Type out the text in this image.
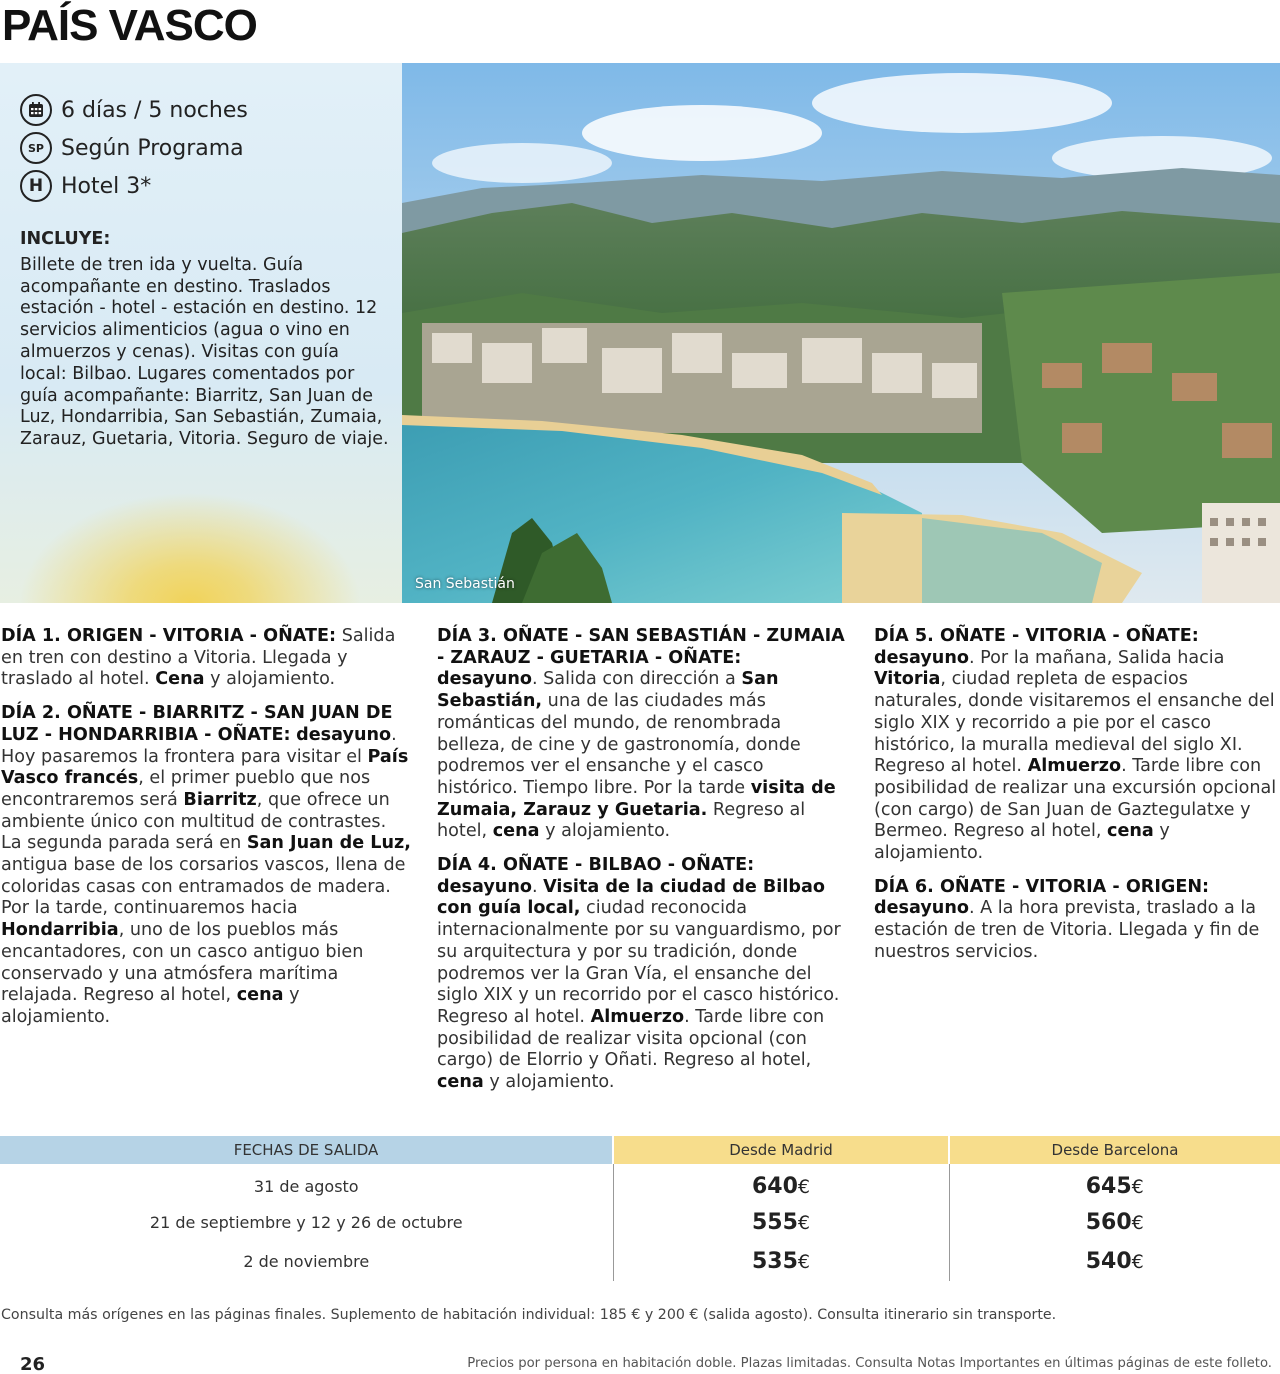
PAÍS VASCO
6 días / 5 noches
SP Según Programa
H Hotel 3*
INCLUYE:
Billete de tren ida y vuelta. Guía acompañante en destino. Traslados estación - hotel - estación en destino. 12 servicios alimenticios (agua o vino en almuerzos y cenas). Visitas con guía local: Bilbao. Lugares comentados por guía acompañante: Biarritz, San Juan de Luz, Hondarribia, San Sebastián, Zumaia, Zarauz, Guetaria, Vitoria. Seguro de viaje.
San Sebastián

DÍA 1. ORIGEN - VITORIA - OÑATE: Salida en tren con destino a Vitoria. Llegada y traslado al hotel. Cena y alojamiento.

DÍA 2. OÑATE - BIARRITZ - SAN JUAN DE LUZ - HONDARRIBIA - OÑATE: desayuno. Hoy pasaremos la frontera para visitar el País Vasco francés, el primer pueblo que nos encontraremos será Biarritz, que ofrece un ambiente único con multitud de contrastes. La segunda parada será en San Juan de Luz, antigua base de los corsarios vascos, llena de coloridas casas con entramados de madera. Por la tarde, continuaremos hacia Hondarribia, uno de los pueblos más encantadores, con un casco antiguo bien conservado y una atmósfera marítima relajada. Regreso al hotel, cena y alojamiento.

DÍA 3. OÑATE - SAN SEBASTIÁN - ZUMAIA - ZARAUZ - GUETARIA - OÑATE: desayuno. Salida con dirección a San Sebastián, una de las ciudades más románticas del mundo, de renombrada belleza, de cine y de gastronomía, donde podremos ver el ensanche y el casco histórico. Tiempo libre. Por la tarde visita de Zumaia, Zarauz y Guetaria. Regreso al hotel, cena y alojamiento.

DÍA 4. OÑATE - BILBAO - OÑATE: desayuno. Visita de la ciudad de Bilbao con guía local, ciudad reconocida internacionalmente por su vanguardismo, por su arquitectura y por su tradición, donde podremos ver la Gran Vía, el ensanche del siglo XIX y un recorrido por el casco histórico. Regreso al hotel. Almuerzo. Tarde libre con posibilidad de realizar visita opcional (con cargo) de Elorrio y Oñati. Regreso al hotel, cena y alojamiento.

DÍA 5. OÑATE - VITORIA - OÑATE: desayuno. Por la mañana, Salida hacia Vitoria, ciudad repleta de espacios naturales, donde visitaremos el ensanche del siglo XIX y recorrido a pie por el casco histórico, la muralla medieval del siglo XI. Regreso al hotel. Almuerzo. Tarde libre con posibilidad de realizar una excursión opcional (con cargo) de San Juan de Gaztegulatxe y Bermeo. Regreso al hotel, cena y alojamiento.

DÍA 6. OÑATE - VITORIA - ORIGEN: desayuno. A la hora prevista, traslado a la estación de tren de Vitoria. Llegada y fin de nuestros servicios.

FECHAS DE SALIDA	Desde Madrid	Desde Barcelona
31 de agosto	640€	645€
21 de septiembre y 12 y 26 de octubre	555€	560€
2 de noviembre	535€	540€
Consulta más orígenes en las páginas finales. Suplemento de habitación individual: 185 € y 200 € (salida agosto). Consulta itinerario sin transporte.
26	Precios por persona en habitación doble. Plazas limitadas. Consulta Notas Importantes en últimas páginas de este folleto.
